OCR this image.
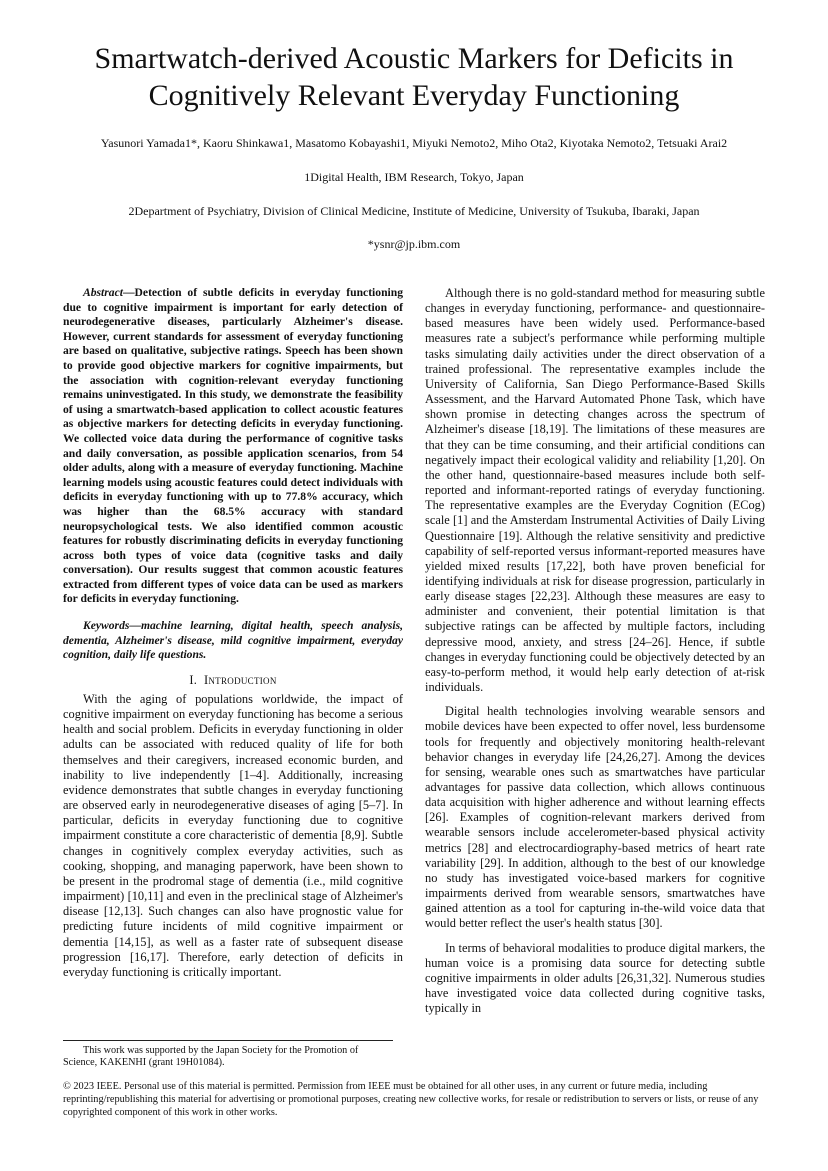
Smartwatch-derived Acoustic Markers for Deficits in Cognitively Relevant Everyday Functioning

Yasunori Yamada1*, Kaoru Shinkawa1, Masatomo Kobayashi1, Miyuki Nemoto2, Miho Ota2, Kiyotaka Nemoto2, Tetsuaki Arai2

1Digital Health, IBM Research, Tokyo, Japan

2Department of Psychiatry, Division of Clinical Medicine, Institute of Medicine, University of Tsukuba, Ibaraki, Japan

*ysnr@jp.ibm.com

Abstract—Detection of subtle deficits in everyday functioning due to cognitive impairment is important for early detection of neurodegenerative diseases, particularly Alzheimer's disease. However, current standards for assessment of everyday functioning are based on qualitative, subjective ratings. Speech has been shown to provide good objective markers for cognitive impairments, but the association with cognition-relevant everyday functioning remains uninvestigated. In this study, we demonstrate the feasibility of using a smartwatch-based application to collect acoustic features as objective markers for detecting deficits in everyday functioning. We collected voice data during the performance of cognitive tasks and daily conversation, as possible application scenarios, from 54 older adults, along with a measure of everyday functioning. Machine learning models using acoustic features could detect individuals with deficits in everyday functioning with up to 77.8% accuracy, which was higher than the 68.5% accuracy with standard neuropsychological tests. We also identified common acoustic features for robustly discriminating deficits in everyday functioning across both types of voice data (cognitive tasks and daily conversation). Our results suggest that common acoustic features extracted from different types of voice data can be used as markers for deficits in everyday functioning.

Keywords—machine learning, digital health, speech analysis, dementia, Alzheimer's disease, mild cognitive impairment, everyday cognition, daily life questions.

I. Introduction

With the aging of populations worldwide, the impact of cognitive impairment on everyday functioning has become a serious health and social problem. Deficits in everyday functioning in older adults can be associated with reduced quality of life for both themselves and their caregivers, increased economic burden, and inability to live independently [1–4]. Additionally, increasing evidence demonstrates that subtle changes in everyday functioning are observed early in neurodegenerative diseases of aging [5–7]. In particular, deficits in everyday functioning due to cognitive impairment constitute a core characteristic of dementia [8,9]. Subtle changes in cognitively complex everyday activities, such as cooking, shopping, and managing paperwork, have been shown to be present in the prodromal stage of dementia (i.e., mild cognitive impairment) [10,11] and even in the preclinical stage of Alzheimer's disease [12,13]. Such changes can also have prognostic value for predicting future incidents of mild cognitive impairment or dementia [14,15], as well as a faster rate of subsequent disease progression [16,17]. Therefore, early detection of deficits in everyday functioning is critically important.

Although there is no gold-standard method for measuring subtle changes in everyday functioning, performance- and questionnaire-based measures have been widely used. Performance-based measures rate a subject's performance while performing multiple tasks simulating daily activities under the direct observation of a trained professional. The representative examples include the University of California, San Diego Performance-Based Skills Assessment, and the Harvard Automated Phone Task, which have shown promise in detecting changes across the spectrum of Alzheimer's disease [18,19]. The limitations of these measures are that they can be time consuming, and their artificial conditions can negatively impact their ecological validity and reliability [1,20]. On the other hand, questionnaire-based measures include both self-reported and informant-reported ratings of everyday functioning. The representative examples are the Everyday Cognition (ECog) scale [1] and the Amsterdam Instrumental Activities of Daily Living Questionnaire [19]. Although the relative sensitivity and predictive capability of self-reported versus informant-reported measures have yielded mixed results [17,22], both have proven beneficial for identifying individuals at risk for disease progression, particularly in early disease stages [22,23]. Although these measures are easy to administer and convenient, their potential limitation is that subjective ratings can be affected by multiple factors, including depressive mood, anxiety, and stress [24–26]. Hence, if subtle changes in everyday functioning could be objectively detected by an easy-to-perform method, it would help early detection of at-risk individuals.

Digital health technologies involving wearable sensors and mobile devices have been expected to offer novel, less burdensome tools for frequently and objectively monitoring health-relevant behavior changes in everyday life [24,26,27]. Among the devices for sensing, wearable ones such as smartwatches have particular advantages for passive data collection, which allows continuous data acquisition with higher adherence and without learning effects [26]. Examples of cognition-relevant markers derived from wearable sensors include accelerometer-based physical activity metrics [28] and electrocardiography-based metrics of heart rate variability [29]. In addition, although to the best of our knowledge no study has investigated voice-based markers for cognitive impairments derived from wearable sensors, smartwatches have gained attention as a tool for capturing in-the-wild voice data that would better reflect the user's health status [30].

In terms of behavioral modalities to produce digital markers, the human voice is a promising data source for detecting subtle cognitive impairments in older adults [26,31,32]. Numerous studies have investigated voice data collected during cognitive tasks, typically in

This work was supported by the Japan Society for the Promotion of Science, KAKENHI (grant 19H01084).

© 2023 IEEE. Personal use of this material is permitted. Permission from IEEE must be obtained for all other uses, in any current or future media, including reprinting/republishing this material for advertising or promotional purposes, creating new collective works, for resale or redistribution to servers or lists, or reuse of any copyrighted component of this work in other works.
